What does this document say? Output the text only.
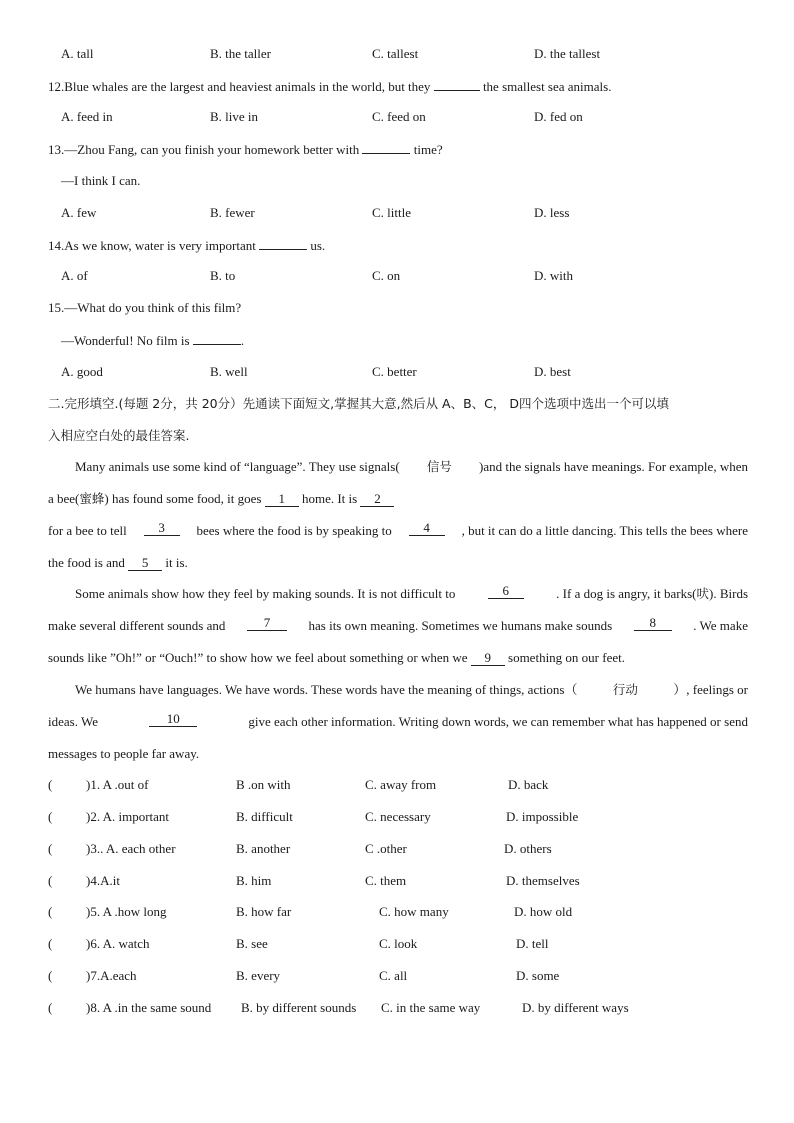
A. tall	B. the taller	C. tallest	D. the tallest
12.Blue whales are the largest and heaviest animals in the world, but they	the smallest sea animals.
A. feed in	B. live in	C. feed on	D. fed on
13.—Zhou Fang, can you finish your homework better with	time?
—I think I can.
A. few	B. fewer	C. little	D. less
14.As we know, water is very important	us.
A. of	B. to	C. on	D. with
15.—What do you think of this film?
—Wonderful! No film is	.
A. good	B. well	C. better	D. best
二.完形填空.(每题 2分，共 20分）先通读下面短文,掌握其大意,然后从 A、B、C， D四个选项中选出一个可以填
入相应空白处的最佳答案.
Many animals use some kind of “language”. They use signals( 信号 )and the signals have meanings. For example, when
a bee(蜜蜂) has found some food, it goes 1 home. It is 2
for a bee to tell	3	bees where the food is by speaking to	4	, but it can do a little dancing. This tells the bees where
the food is and 5 it is.
Some animals show how they feel by making sounds. It is not difficult to	6	. If a dog is angry, it barks(吠). Birds
make several different sounds and	7	has its own meaning. Sometimes we humans make sounds	8	. We make
sounds like ”Oh!” or “Ouch!” to show how we feel about something or when we 9 something on our feet.
We humans have languages. We have words. These words have the meaning of things, actions（	行动	）, feelings or
ideas. We	10	give each other information. Writing down words, we can remember what has happened or send
messages to people far away.
(	)1. A .out of	B .on with	C. away from	D. back
(	)2. A. important	B. difficult	C. necessary	D. impossible
(	)3.. A. each other	B. another	C .other	D. others
(	)4.A.it	B. him	C. them	D. themselves
(	)5. A .how long	B. how far	C. how many	D. how old
(	)6. A. watch	B. see	C. look	D. tell
(	)7.A.each	B. every	C. all	D. some
(	)8. A .in the same sound B. by different sounds C. in the same way	D. by different ways
